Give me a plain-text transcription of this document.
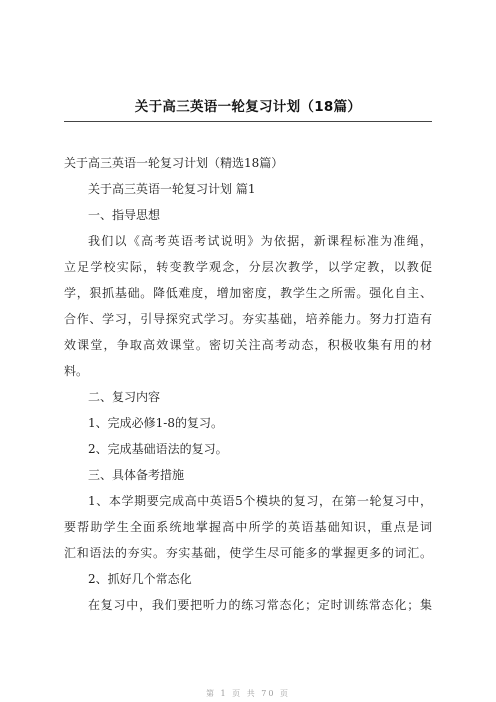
关于高三英语一轮复习计划（18篇）
关于高三英语一轮复习计划（精选18篇）
关于高三英语一轮复习计划 篇1
一、指导思想
我们以《高考英语考试说明》为依据，新课程标准为准绳，
立足学校实际，转变教学观念，分层次教学，以学定教，以教促
学，狠抓基础。降低难度，增加密度，教学生之所需。强化自主、
合作、学习，引导探究式学习。夯实基础，培养能力。努力打造有
效课堂，争取高效课堂。密切关注高考动态，积极收集有用的材
料。
二、复习内容
1、完成必修1-8的复习。
2、完成基础语法的复习。
三、具体备考措施
1、本学期要完成高中英语5个模块的复习，在第一轮复习中，
要帮助学生全面系统地掌握高中所学的英语基础知识，重点是词
汇和语法的夯实。夯实基础，使学生尽可能多的掌握更多的词汇。
2、抓好几个常态化
在复习中，我们要把听力的练习常态化；定时训练常态化；集
第 1 页 共 70 页
